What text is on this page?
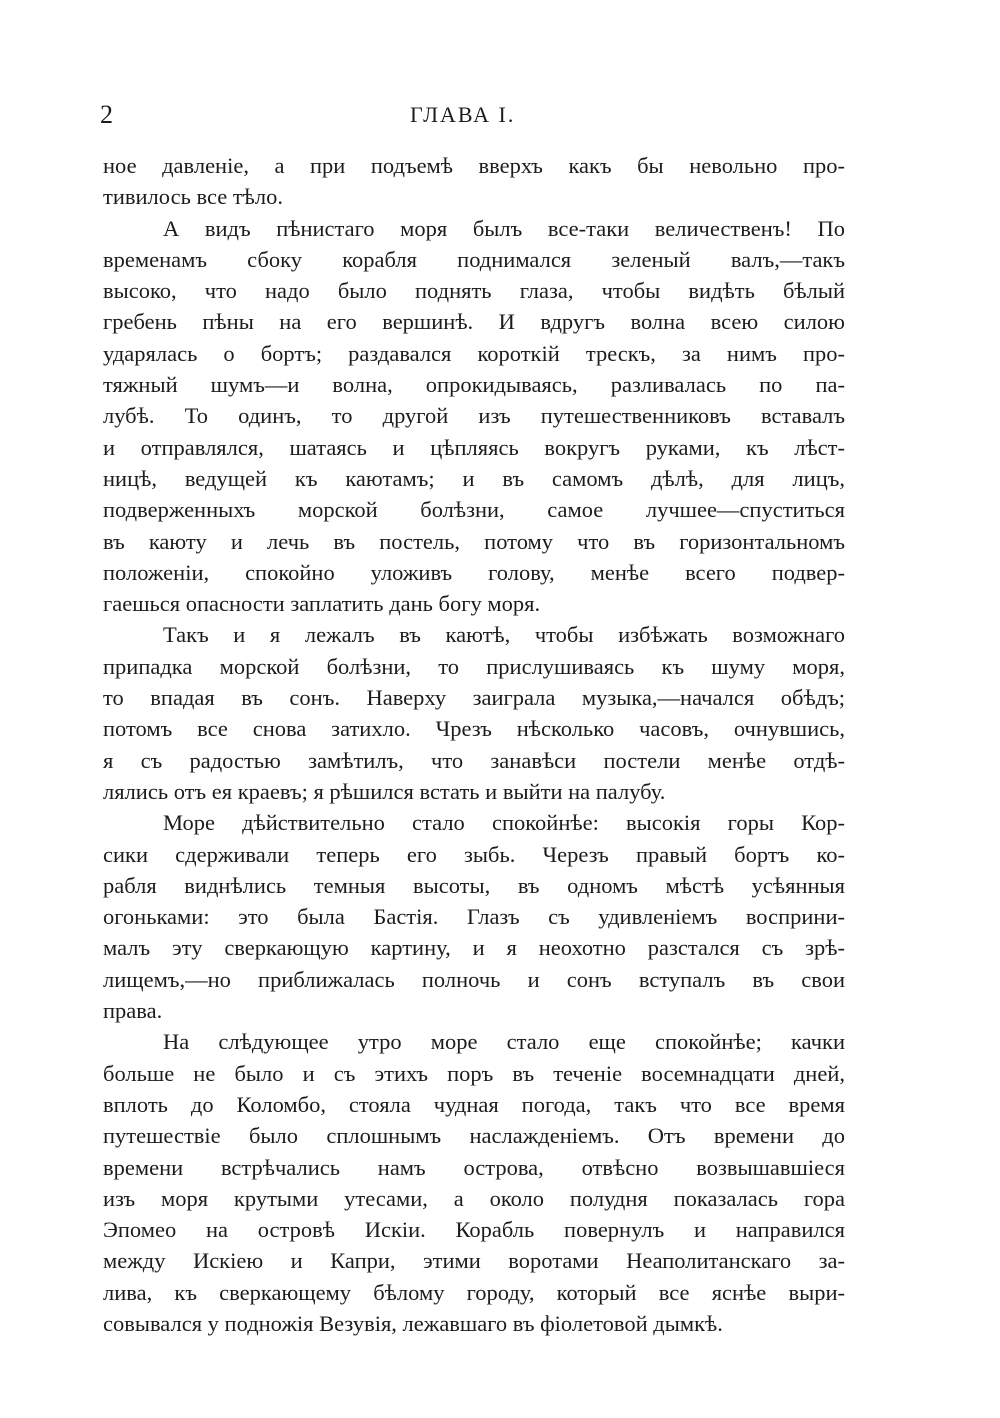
2	ГЛАВА I.
ное давленіе, а при подъемѣ вверхъ какъ бы невольно про-
тивилось все тѣло.
А видъ пѣнистаго моря былъ все-таки величественъ! По
временамъ сбоку корабля поднимался зеленый валъ,—такъ
высоко, что надо было поднять глаза, чтобы видѣть бѣлый
гребень пѣны на его вершинѣ. И вдругъ волна всею силою
ударялась о бортъ; раздавался короткій трескъ, за нимъ про-
тяжный шумъ—и волна, опрокидываясь, разливалась по па-
лубѣ. То одинъ, то другой изъ путешественниковъ вставалъ
и отправлялся, шатаясь и цѣпляясь вокругъ руками, къ лѣст-
ницѣ, ведущей къ каютамъ; и въ самомъ дѣлѣ, для лицъ,
подверженныхъ морской болѣзни, самое лучшее—спуститься
въ каюту и лечь въ постель, потому что въ горизонтальномъ
положеніи, спокойно уложивъ голову, менѣе всего подвер-
гаешься опасности заплатить дань богу моря.
Такъ и я лежалъ въ каютѣ, чтобы избѣжать возможнаго
припадка морской болѣзни, то прислушиваясь къ шуму моря,
то впадая въ сонъ. Наверху заиграла музыка,—начался обѣдъ;
потомъ все снова затихло. Чрезъ нѣсколько часовъ, очнувшись,
я съ радостью замѣтилъ, что занавѣси постели менѣе отдѣ-
лялись отъ ея краевъ; я рѣшился встать и выйти на палубу.
Море дѣйствительно стало спокойнѣе: высокія горы Кор-
сики сдерживали теперь его зыбь. Черезъ правый бортъ ко-
рабля виднѣлись темныя высоты, въ одномъ мѣстѣ усѣянныя
огоньками: это была Бастія. Глазъ съ удивленіемъ восприни-
малъ эту сверкающую картину, и я неохотно разстался съ зрѣ-
лищемъ,—но приближалась полночь и сонъ вступалъ въ свои
права.
На слѣдующее утро море стало еще спокойнѣе; качки
больше не было и съ этихъ поръ въ теченіе восемнадцати дней,
вплоть до Коломбо, стояла чудная погода, такъ что все время
путешествіе было сплошнымъ наслажденіемъ. Отъ времени до
времени встрѣчались намъ острова, отвѣсно возвышавшіеся
изъ моря крутыми утесами, а около полудня показалась гора
Эпомео на островѣ Искіи. Корабль повернулъ и направился
между Искіею и Капри, этими воротами Неаполитанскаго за-
лива, къ сверкающему бѣлому городу, который все яснѣе выри-
совывался у подножія Везувія, лежавшаго въ фіолетовой дымкѣ.
